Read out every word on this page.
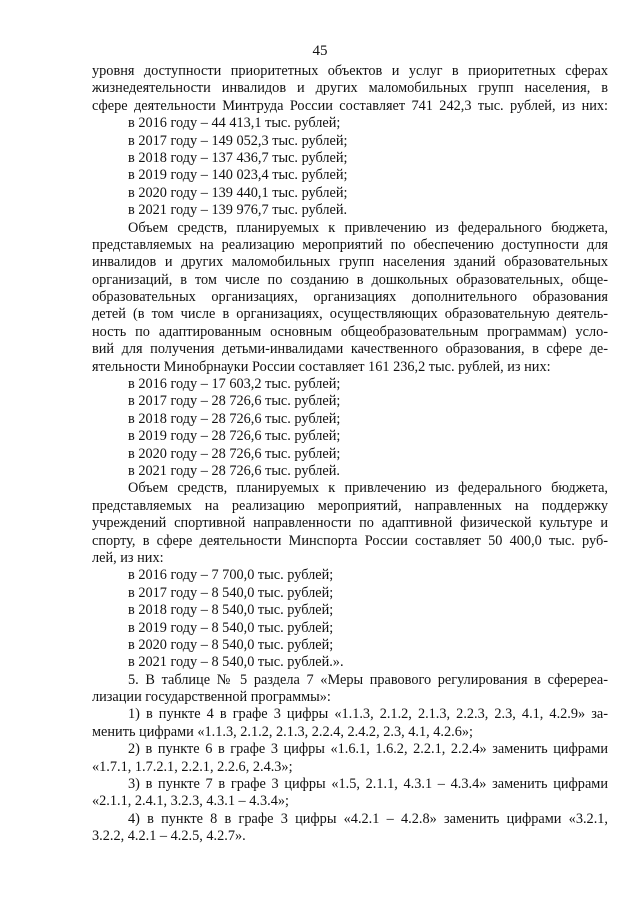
45
уровня доступности приоритетных объектов и услуг в приоритетных сферах
жизнедеятельности инвалидов и других маломобильных групп населения, в
сфере деятельности Минтруда России составляет 741 242,3 тыс. рублей, из них:
в 2016 году – 44 413,1 тыс. рублей;
в 2017 году – 149 052,3 тыс. рублей;
в 2018 году – 137 436,7 тыс. рублей;
в 2019 году – 140 023,4 тыс. рублей;
в 2020 году – 139 440,1 тыс. рублей;
в 2021 году – 139 976,7 тыс. рублей.
Объем средств, планируемых к привлечению из федерального бюджета,
представляемых на реализацию мероприятий по обеспечению доступности для
инвалидов и других маломобильных групп населения зданий образовательных
организаций, в том числе по созданию в дошкольных образовательных, обще-
образовательных организациях, организациях дополнительного образования
детей (в том числе в организациях, осуществляющих образовательную деятель-
ность по адаптированным основным общеобразовательным программам) усло-
вий для получения детьми-инвалидами качественного образования, в сфере де-
ятельности Минобрнауки России составляет 161 236,2 тыс. рублей, из них:
в 2016 году – 17 603,2 тыс. рублей;
в 2017 году – 28 726,6 тыс. рублей;
в 2018 году – 28 726,6 тыс. рублей;
в 2019 году – 28 726,6 тыс. рублей;
в 2020 году – 28 726,6 тыс. рублей;
в 2021 году – 28 726,6 тыс. рублей.
Объем средств, планируемых к привлечению из федерального бюджета,
представляемых на реализацию мероприятий, направленных на поддержку
учреждений спортивной направленности по адаптивной физической культуре и
спорту, в сфере деятельности Минспорта России составляет 50 400,0 тыс. руб-
лей, из них:
в 2016 году – 7 700,0 тыс. рублей;
в 2017 году – 8 540,0 тыс. рублей;
в 2018 году – 8 540,0 тыс. рублей;
в 2019 году – 8 540,0 тыс. рублей;
в 2020 году – 8 540,0 тыс. рублей;
в 2021 году – 8 540,0 тыс. рублей.».
5. В таблице № 5 раздела 7 «Меры правового регулирования в сферереа-
лизации государственной программы»:
1) в пункте 4 в графе 3 цифры «1.1.3, 2.1.2, 2.1.3, 2.2.3, 2.3, 4.1, 4.2.9» за-
менить цифрами «1.1.3, 2.1.2, 2.1.3, 2.2.4, 2.4.2, 2.3, 4.1, 4.2.6»;
2) в пункте 6 в графе 3 цифры «1.6.1, 1.6.2, 2.2.1, 2.2.4» заменить цифрами
«1.7.1, 1.7.2.1, 2.2.1, 2.2.6, 2.4.3»;
3) в пункте 7 в графе 3 цифры «1.5, 2.1.1, 4.3.1 – 4.3.4» заменить цифрами
«2.1.1, 2.4.1, 3.2.3, 4.3.1 – 4.3.4»;
4) в пункте 8 в графе 3 цифры «4.2.1 – 4.2.8» заменить цифрами «3.2.1,
3.2.2, 4.2.1 – 4.2.5, 4.2.7».
